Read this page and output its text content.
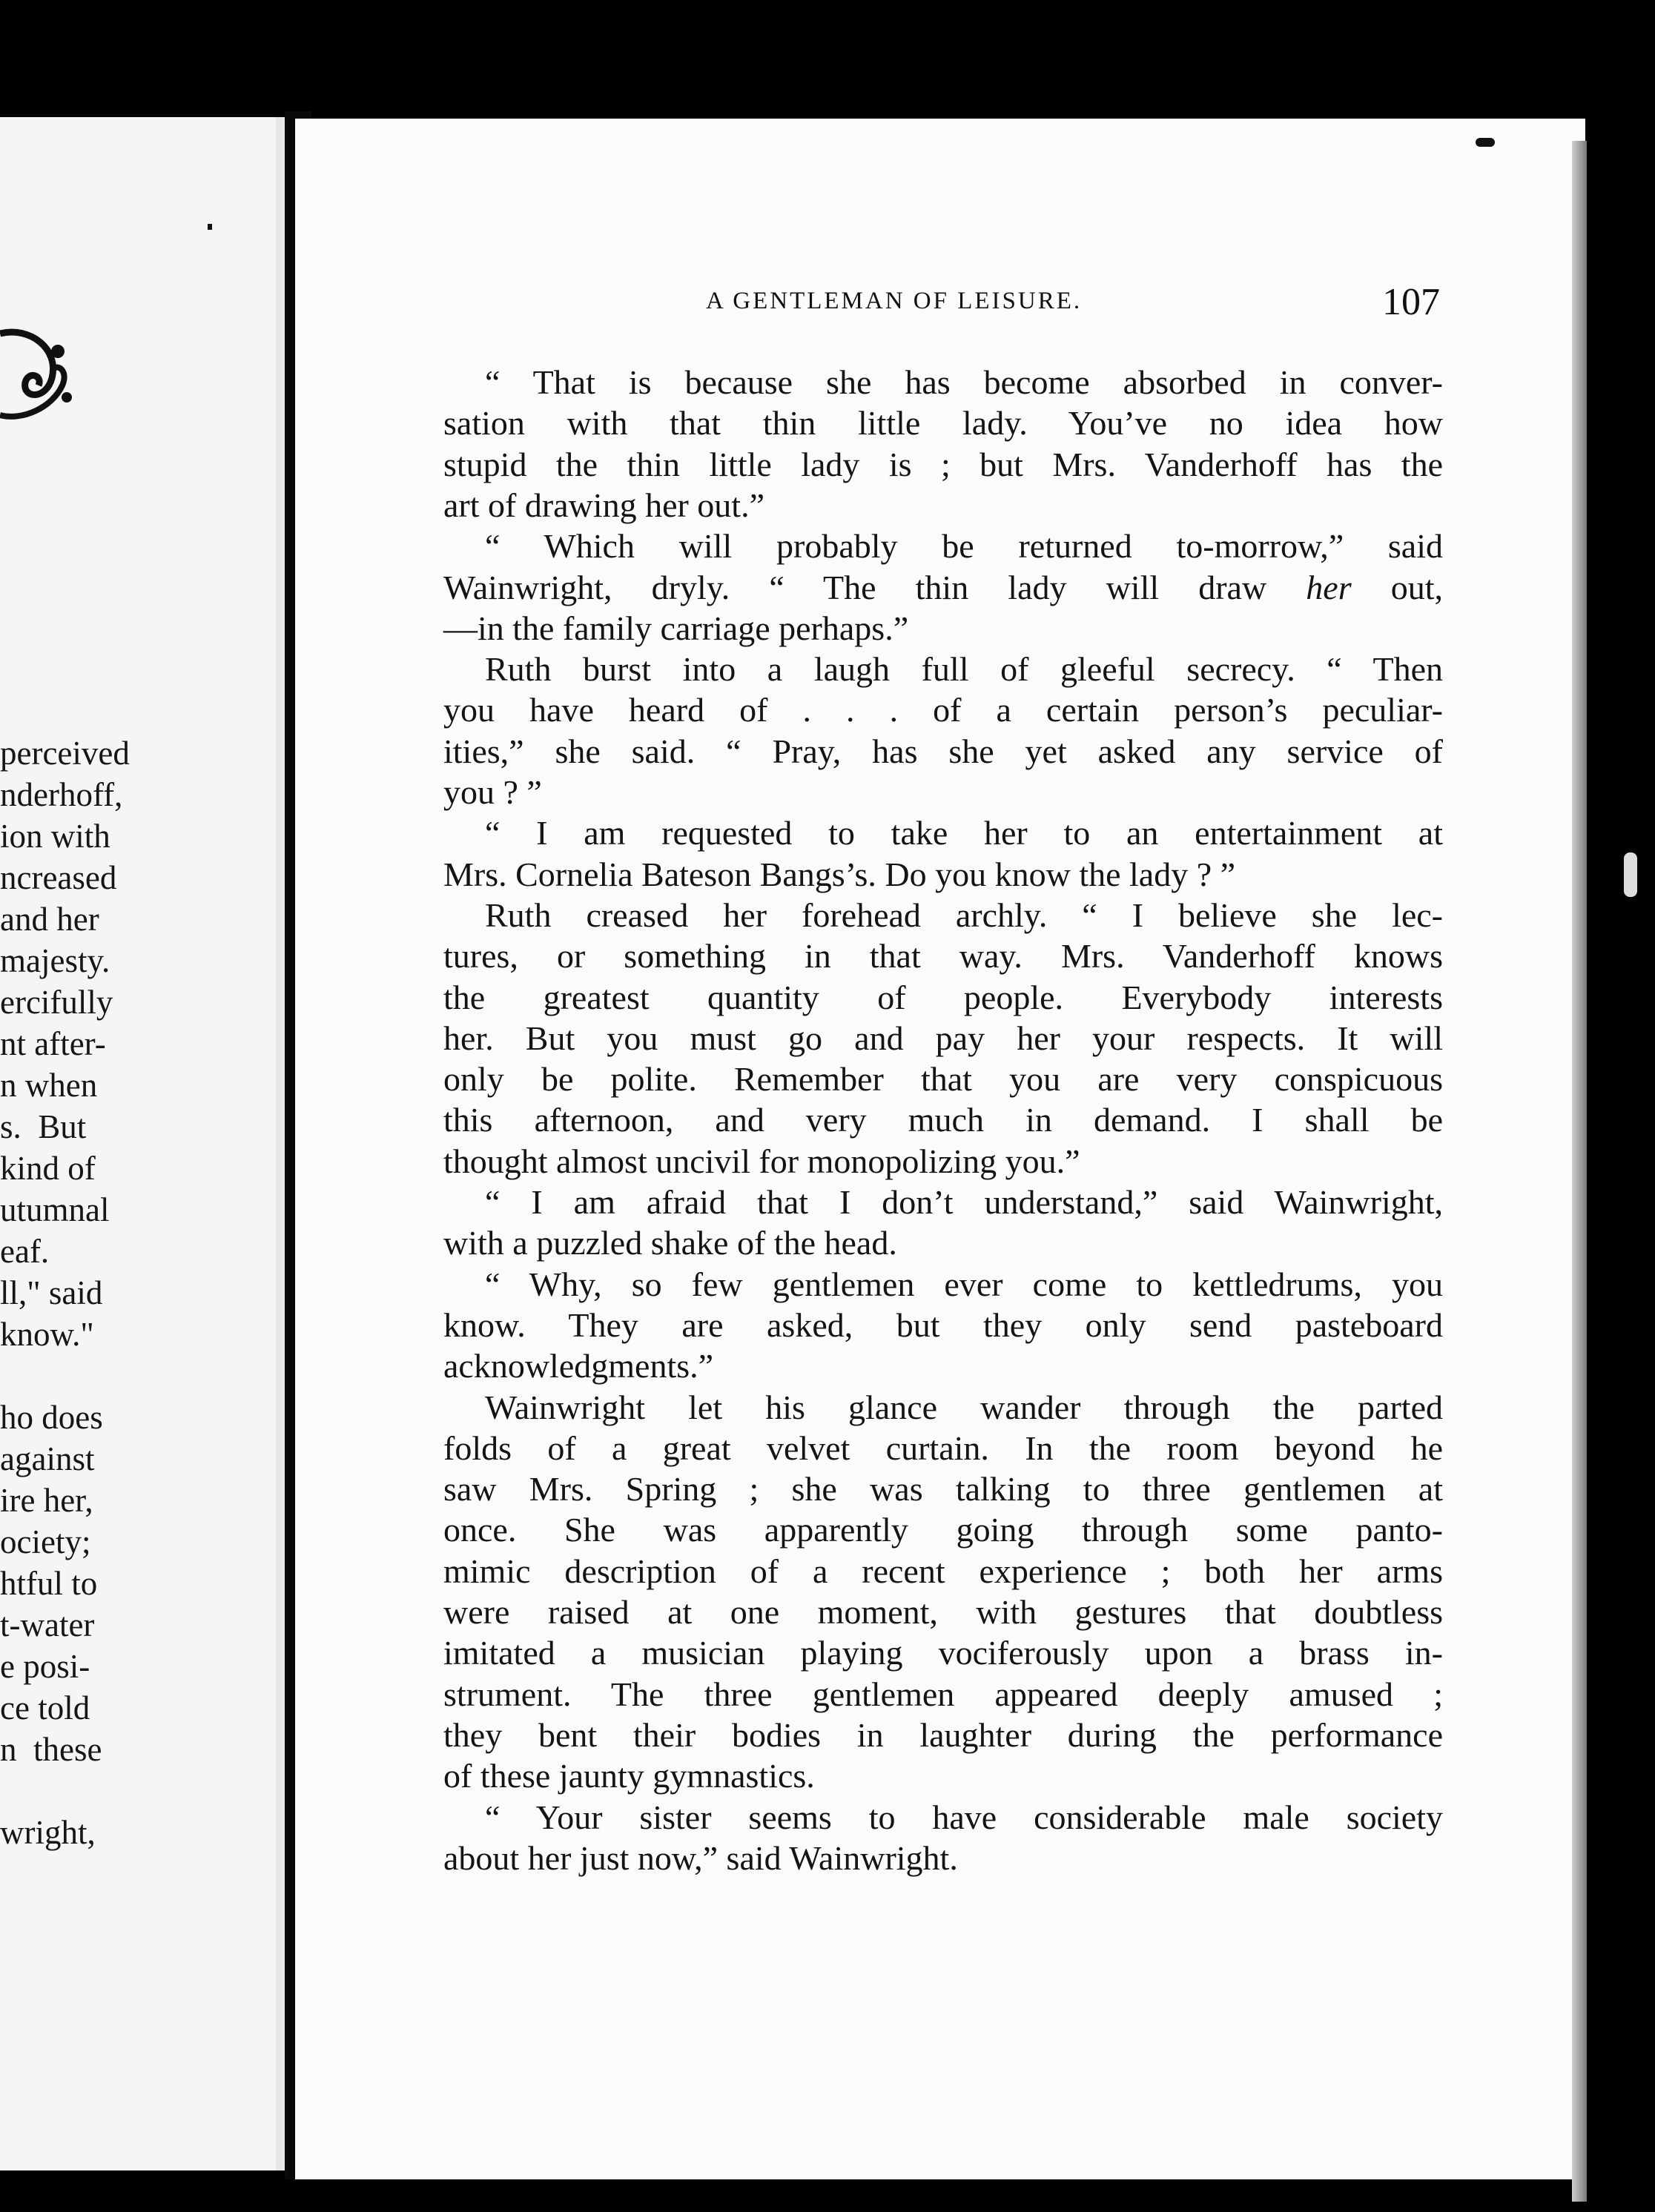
perceived
nderhoff,
ion with
ncreased
and her
majesty.
ercifully
nt after-
n when
s.  But
kind of
utumnal
eaf.
ll," said
know."
ho does
against
ire her,
ociety;
htful to
t-water
e posi-
ce told
n  these
wright,
A GENTLEMAN OF LEISURE.	107
“ That is because she has become absorbed in conver-
sation with that thin little lady. You’ve no idea how
stupid the thin little lady is ; but Mrs. Vanderhoff has the
art of drawing her out.”
“ Which will probably be returned to-morrow,” said
Wainwright, dryly. “ The thin lady will draw her out,
—in the family carriage perhaps.”
Ruth burst into a laugh full of gleeful secrecy. “ Then
you have heard of . . . of a certain person’s peculiar-
ities,” she said. “ Pray, has she yet asked any service of
you ? ”
“ I am requested to take her to an entertainment at
Mrs. Cornelia Bateson Bangs’s. Do you know the lady ? ”
Ruth creased her forehead archly. “ I believe she lec-
tures, or something in that way. Mrs. Vanderhoff knows
the greatest quantity of people. Everybody interests
her. But you must go and pay her your respects. It will
only be polite. Remember that you are very conspicuous
this afternoon, and very much in demand. I shall be
thought almost uncivil for monopolizing you.”
“ I am afraid that I don’t understand,” said Wainwright,
with a puzzled shake of the head.
“ Why, so few gentlemen ever come to kettledrums, you
know. They are asked, but they only send pasteboard
acknowledgments.”
Wainwright let his glance wander through the parted
folds of a great velvet curtain. In the room beyond he
saw Mrs. Spring ; she was talking to three gentlemen at
once. She was apparently going through some panto-
mimic description of a recent experience ; both her arms
were raised at one moment, with gestures that doubtless
imitated a musician playing vociferously upon a brass in-
strument. The three gentlemen appeared deeply amused ;
they bent their bodies in laughter during the performance
of these jaunty gymnastics.
“ Your sister seems to have considerable male society
about her just now,” said Wainwright.
